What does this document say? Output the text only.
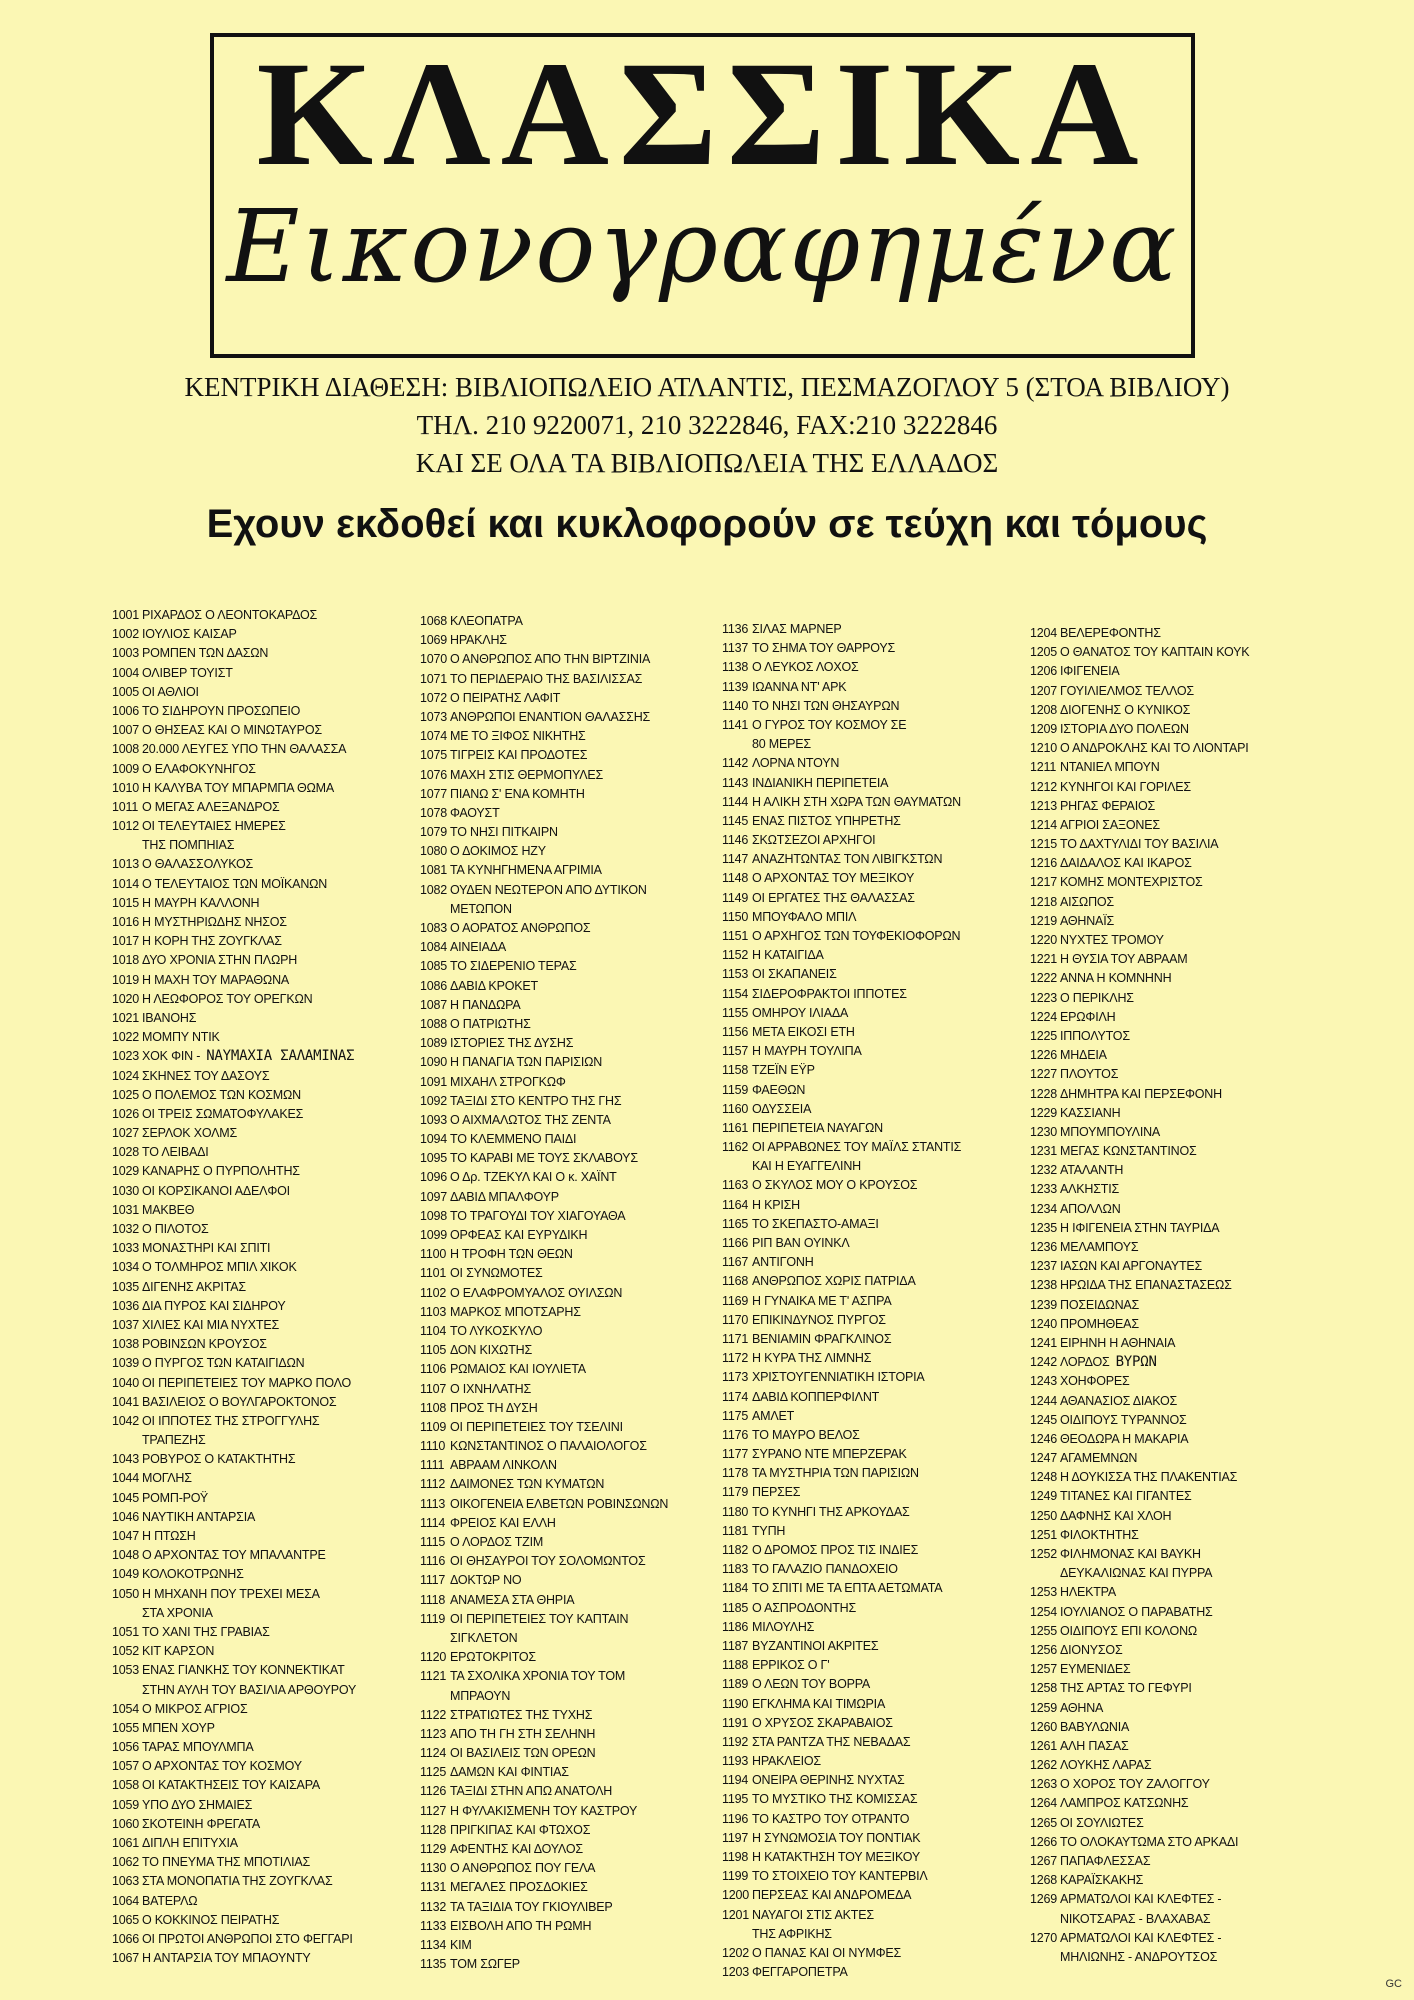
ΚΛΑΣΣΙΚΑ
Εικονογραφημένα
ΚΕΝΤΡΙΚΗ ΔΙΑΘΕΣΗ: ΒΙΒΛΙΟΠΩΛΕΙΟ ΑΤΛΑΝΤΙΣ, ΠΕΣΜΑΖΟΓΛΟΥ 5 (ΣΤΟΑ ΒΙΒΛΙΟΥ)
ΤΗΛ. 210 9220071, 210 3222846, FAX:210 3222846
ΚΑΙ ΣΕ ΟΛΑ ΤΑ ΒΙΒΛΙΟΠΩΛΕΙΑ ΤΗΣ ΕΛΛΑΔΟΣ
Εχουν εκδοθεί και κυκλοφορούν σε τεύχη και τόμους
1001 ΡΙΧΑΡΔΟΣ Ο ΛΕΟΝΤΟΚΑΡΔΟΣ
1002 ΙΟΥΛΙΟΣ ΚΑΙΣΑΡ
1003 ΡΟΜΠΕΝ ΤΩΝ ΔΑΣΩΝ
1004 ΟΛΙΒΕΡ ΤΟΥΙΣΤ
1005 ΟΙ ΑΘΛΙΟΙ
1006 ΤΟ ΣΙΔΗΡΟΥΝ ΠΡΟΣΩΠΕΙΟ
1007 Ο ΘΗΣΕΑΣ ΚΑΙ Ο ΜΙΝΩΤΑΥΡΟΣ
1008 20.000 ΛΕΥΓΕΣ ΥΠΟ ΤΗΝ ΘΑΛΑΣΣΑ
1009 Ο ΕΛΑΦΟΚΥΝΗΓΟΣ
1010 Η ΚΑΛΥΒΑ ΤΟΥ ΜΠΑΡΜΠΑ ΘΩΜΑ
1011 Ο ΜΕΓΑΣ ΑΛΕΞΑΝΔΡΟΣ
1012 ΟΙ ΤΕΛΕΥΤΑΙΕΣ ΗΜΕΡΕΣ
ΤΗΣ ΠΟΜΠΗΙΑΣ
1013 Ο ΘΑΛΑΣΣΟΛΥΚΟΣ
1014 Ο ΤΕΛΕΥΤΑΙΟΣ ΤΩΝ ΜΟΪΚΑΝΩΝ
1015 Η ΜΑΥΡΗ ΚΑΛΛΟΝΗ
1016 Η ΜΥΣΤΗΡΙΩΔΗΣ ΝΗΣΟΣ
1017 Η ΚΟΡΗ ΤΗΣ ΖΟΥΓΚΛΑΣ
1018 ΔΥΟ ΧΡΟΝΙΑ ΣΤΗΝ ΠΛΩΡΗ
1019 Η ΜΑΧΗ ΤΟΥ ΜΑΡΑΘΩΝΑ
1020 Η ΛΕΩΦΟΡΟΣ ΤΟΥ ΟΡΕΓΚΩΝ
1021 ΙΒΑΝΟΗΣ
1022 ΜΟΜΠΥ ΝΤΙΚ
1023 ΧΟΚ ΦΙΝ - ΝΑΥΜΑΧΙΑ ΣΑΛΑΜΙΝΑΣ
1024 ΣΚΗΝΕΣ ΤΟΥ ΔΑΣΟΥΣ
1025 Ο ΠΟΛΕΜΟΣ ΤΩΝ ΚΟΣΜΩΝ
1026 ΟΙ ΤΡΕΙΣ ΣΩΜΑΤΟΦΥΛΑΚΕΣ
1027 ΣΕΡΛΟΚ ΧΟΛΜΣ
1028 ΤΟ ΛΕΙΒΑΔΙ
1029 ΚΑΝΑΡΗΣ Ο ΠΥΡΠΟΛΗΤΗΣ
1030 ΟΙ ΚΟΡΣΙΚΑΝΟΙ ΑΔΕΛΦΟΙ
1031 ΜΑΚΒΕΘ
1032 Ο ΠΙΛΟΤΟΣ
1033 ΜΟΝΑΣΤΗΡΙ ΚΑΙ ΣΠΙΤΙ
1034 Ο ΤΟΛΜΗΡΟΣ ΜΠΙΛ ΧΙΚΟΚ
1035 ΔΙΓΕΝΗΣ ΑΚΡΙΤΑΣ
1036 ΔΙΑ ΠΥΡΟΣ ΚΑΙ ΣΙΔΗΡΟΥ
1037 ΧΙΛΙΕΣ ΚΑΙ ΜΙΑ ΝΥΧΤΕΣ
1038 ΡΟΒΙΝΣΩΝ ΚΡΟΥΣΟΣ
1039 Ο ΠΥΡΓΟΣ ΤΩΝ ΚΑΤΑΙΓΙΔΩΝ
1040 ΟΙ ΠΕΡΙΠΕΤΕΙΕΣ ΤΟΥ ΜΑΡΚΟ ΠΟΛΟ
1041 ΒΑΣΙΛΕΙΟΣ Ο ΒΟΥΛΓΑΡΟΚΤΟΝΟΣ
1042 ΟΙ ΙΠΠΟΤΕΣ ΤΗΣ ΣΤΡΟΓΓΥΛΗΣ
ΤΡΑΠΕΖΗΣ
1043 ΡΟΒΥΡΟΣ Ο ΚΑΤΑΚΤΗΤΗΣ
1044 ΜΟΓΛΗΣ
1045 ΡΟΜΠ-ΡΟΫ
1046 ΝΑΥΤΙΚΗ ΑΝΤΑΡΣΙΑ
1047 Η ΠΤΩΣΗ
1048 Ο ΑΡΧΟΝΤΑΣ ΤΟΥ ΜΠΑΛΑΝΤΡΕ
1049 ΚΟΛΟΚΟΤΡΩΝΗΣ
1050 Η ΜΗΧΑΝΗ ΠΟΥ ΤΡΕΧΕΙ ΜΕΣΑ
ΣΤΑ ΧΡΟΝΙΑ
1051 ΤΟ ΧΑΝΙ ΤΗΣ ΓΡΑΒΙΑΣ
1052 ΚΙΤ ΚΑΡΣΟΝ
1053 ΕΝΑΣ ΓΙΑΝΚΗΣ ΤΟΥ ΚΟΝΝΕΚΤΙΚΑΤ
ΣΤΗΝ ΑΥΛΗ ΤΟΥ ΒΑΣΙΛΙΑ ΑΡΘΟΥΡΟΥ
1054 Ο ΜΙΚΡΟΣ ΑΓΡΙΟΣ
1055 ΜΠΕΝ ΧΟΥΡ
1056 ΤΑΡΑΣ ΜΠΟΥΛΜΠΑ
1057 Ο ΑΡΧΟΝΤΑΣ ΤΟΥ ΚΟΣΜΟΥ
1058 ΟΙ ΚΑΤΑΚΤΗΣΕΙΣ ΤΟΥ ΚΑΙΣΑΡΑ
1059 ΥΠΟ ΔΥΟ ΣΗΜΑΙΕΣ
1060 ΣΚΟΤΕΙΝΗ ΦΡΕΓΑΤΑ
1061 ΔΙΠΛΗ ΕΠΙΤΥΧΙΑ
1062 ΤΟ ΠΝΕΥΜΑ ΤΗΣ ΜΠΟΤΙΛΙΑΣ
1063 ΣΤΑ ΜΟΝΟΠΑΤΙΑ ΤΗΣ ΖΟΥΓΚΛΑΣ
1064 ΒΑΤΕΡΛΩ
1065 Ο ΚΟΚΚΙΝΟΣ ΠΕΙΡΑΤΗΣ
1066 ΟΙ ΠΡΩΤΟΙ ΑΝΘΡΩΠΟΙ ΣΤΟ ΦΕΓΓΑΡΙ
1067 Η ΑΝΤΑΡΣΙΑ ΤΟΥ ΜΠΑΟΥΝΤΥ
1068 ΚΛΕΟΠΑΤΡΑ
1069 ΗΡΑΚΛΗΣ
1070 Ο ΑΝΘΡΩΠΟΣ ΑΠΟ ΤΗΝ ΒΙΡΤΖΙΝΙΑ
1071 ΤΟ ΠΕΡΙΔΕΡΑΙΟ ΤΗΣ ΒΑΣΙΛΙΣΣΑΣ
1072 Ο ΠΕΙΡΑΤΗΣ ΛΑΦΙΤ
1073 ΑΝΘΡΩΠΟΙ ΕΝΑΝΤΙΟΝ ΘΑΛΑΣΣΗΣ
1074 ΜΕ ΤΟ ΞΙΦΟΣ ΝΙΚΗΤΗΣ
1075 ΤΙΓΡΕΙΣ ΚΑΙ ΠΡΟΔΟΤΕΣ
1076 ΜΑΧΗ ΣΤΙΣ ΘΕΡΜΟΠΥΛΕΣ
1077 ΠΙΑΝΩ Σ' ΕΝΑ ΚΟΜΗΤΗ
1078 ΦΑΟΥΣΤ
1079 ΤΟ ΝΗΣΙ ΠΙΤΚΑΙΡΝ
1080 Ο ΔΟΚΙΜΟΣ ΗΖΥ
1081 ΤΑ ΚΥΝΗΓΗΜΕΝΑ ΑΓΡΙΜΙΑ
1082 ΟΥΔΕΝ ΝΕΩΤΕΡΟΝ ΑΠΟ ΔΥΤΙΚΟΝ
ΜΕΤΩΠΟΝ
1083 Ο ΑΟΡΑΤΟΣ ΑΝΘΡΩΠΟΣ
1084 ΑΙΝΕΙΑΔΑ
1085 ΤΟ ΣΙΔΕΡΕΝΙΟ ΤΕΡΑΣ
1086 ΔΑΒΙΔ ΚΡΟΚΕΤ
1087 Η ΠΑΝΔΩΡΑ
1088 Ο ΠΑΤΡΙΩΤΗΣ
1089 ΙΣΤΟΡΙΕΣ ΤΗΣ ΔΥΣΗΣ
1090 Η ΠΑΝΑΓΙΑ ΤΩΝ ΠΑΡΙΣΙΩΝ
1091 ΜΙΧΑΗΛ ΣΤΡΟΓΚΩΦ
1092 ΤΑΞΙΔΙ ΣΤΟ ΚΕΝΤΡΟ ΤΗΣ ΓΗΣ
1093 Ο ΑΙΧΜΑΛΩΤΟΣ ΤΗΣ ΖΕΝΤΑ
1094 ΤΟ ΚΛΕΜΜΕΝΟ ΠΑΙΔΙ
1095 ΤΟ ΚΑΡΑΒΙ ΜΕ ΤΟΥΣ ΣΚΛΑΒΟΥΣ
1096 Ο Δρ. ΤΖΕΚΥΛ ΚΑΙ Ο κ. ΧΑΪΝΤ
1097 ΔΑΒΙΔ ΜΠΑΛΦΟΥΡ
1098 ΤΟ ΤΡΑΓΟΥΔΙ ΤΟΥ ΧΙΑΓΟΥΑΘΑ
1099 ΟΡΦΕΑΣ ΚΑΙ ΕΥΡΥΔΙΚΗ
1100 Η ΤΡΟΦΗ ΤΩΝ ΘΕΩΝ
1101 ΟΙ ΣΥΝΩΜΟΤΕΣ
1102 Ο ΕΛΑΦΡΟΜΥΑΛΟΣ ΟΥΙΛΣΩΝ
1103 ΜΑΡΚΟΣ ΜΠΟΤΣΑΡΗΣ
1104 ΤΟ ΛΥΚΟΣΚΥΛΟ
1105 ΔΟΝ ΚΙΧΩΤΗΣ
1106 ΡΩΜΑΙΟΣ ΚΑΙ ΙΟΥΛΙΕΤΑ
1107 Ο ΙΧΝΗΛΑΤΗΣ
1108 ΠΡΟΣ ΤΗ ΔΥΣΗ
1109 ΟΙ ΠΕΡΙΠΕΤΕΙΕΣ ΤΟΥ ΤΣΕΛΙΝΙ
1110 ΚΩΝΣΤΑΝΤΙΝΟΣ Ο ΠΑΛΑΙΟΛΟΓΟΣ
1111 ΑΒΡΑΑΜ ΛΙΝΚΟΛΝ
1112 ΔΑΙΜΟΝΕΣ ΤΩΝ ΚΥΜΑΤΩΝ
1113 ΟΙΚΟΓΕΝΕΙΑ ΕΛΒΕΤΩΝ ΡΟΒΙΝΣΩΝΩΝ
1114 ΦΡΕΙΟΣ ΚΑΙ ΕΛΛΗ
1115 Ο ΛΟΡΔΟΣ ΤΖΙΜ
1116 ΟΙ ΘΗΣΑΥΡΟΙ ΤΟΥ ΣΟΛΟΜΩΝΤΟΣ
1117 ΔΟΚΤΩΡ ΝΟ
1118 ΑΝΑΜΕΣΑ ΣΤΑ ΘΗΡΙΑ
1119 ΟΙ ΠΕΡΙΠΕΤΕΙΕΣ ΤΟΥ ΚΑΠΤΑΙΝ
ΣΙΓΚΛΕΤΟΝ
1120 ΕΡΩΤΟΚΡΙΤΟΣ
1121 ΤΑ ΣΧΟΛΙΚΑ ΧΡΟΝΙΑ ΤΟΥ ΤΟΜ
ΜΠΡΑΟΥΝ
1122 ΣΤΡΑΤΙΩΤΕΣ ΤΗΣ ΤΥΧΗΣ
1123 ΑΠΟ ΤΗ ΓΗ ΣΤΗ ΣΕΛΗΝΗ
1124 ΟΙ ΒΑΣΙΛΕΙΣ ΤΩΝ ΟΡΕΩΝ
1125 ΔΑΜΩΝ ΚΑΙ ΦΙΝΤΙΑΣ
1126 ΤΑΞΙΔΙ ΣΤΗΝ ΑΠΩ ΑΝΑΤΟΛΗ
1127 Η ΦΥΛΑΚΙΣΜΕΝΗ ΤΟΥ ΚΑΣΤΡΟΥ
1128 ΠΡΙΓΚΙΠΑΣ ΚΑΙ ΦΤΩΧΟΣ
1129 ΑΦΕΝΤΗΣ ΚΑΙ ΔΟΥΛΟΣ
1130 Ο ΑΝΘΡΩΠΟΣ ΠΟΥ ΓΕΛΑ
1131 ΜΕΓΑΛΕΣ ΠΡΟΣΔΟΚΙΕΣ
1132 ΤΑ ΤΑΞΙΔΙΑ ΤΟΥ ΓΚΙΟΥΛΙΒΕΡ
1133 ΕΙΣΒΟΛΗ ΑΠΟ ΤΗ ΡΩΜΗ
1134 ΚΙΜ
1135 ΤΟΜ ΣΩΓΕΡ
1136 ΣΙΛΑΣ ΜΑΡΝΕΡ
1137 ΤΟ ΣΗΜΑ ΤΟΥ ΘΑΡΡΟΥΣ
1138 Ο ΛΕΥΚΟΣ ΛΟΧΟΣ
1139 ΙΩΑΝΝΑ ΝΤ' ΑΡΚ
1140 ΤΟ ΝΗΣΙ ΤΩΝ ΘΗΣΑΥΡΩΝ
1141 Ο ΓΥΡΟΣ ΤΟΥ ΚΟΣΜΟΥ ΣΕ
80 ΜΕΡΕΣ
1142 ΛΟΡΝΑ ΝΤΟΥΝ
1143 ΙΝΔΙΑΝΙΚΗ ΠΕΡΙΠΕΤΕΙΑ
1144 Η ΑΛΙΚΗ ΣΤΗ ΧΩΡΑ ΤΩΝ ΘΑΥΜΑΤΩΝ
1145 ΕΝΑΣ ΠΙΣΤΟΣ ΥΠΗΡΕΤΗΣ
1146 ΣΚΩΤΣΕΖΟΙ ΑΡΧΗΓΟΙ
1147 ΑΝΑΖΗΤΩΝΤΑΣ ΤΟΝ ΛΙΒΙΓΚΣΤΩΝ
1148 Ο ΑΡΧΟΝΤΑΣ ΤΟΥ ΜΕΞΙΚΟΥ
1149 ΟΙ ΕΡΓΑΤΕΣ ΤΗΣ ΘΑΛΑΣΣΑΣ
1150 ΜΠΟΥΦΑΛΟ ΜΠΙΛ
1151 Ο ΑΡΧΗΓΟΣ ΤΩΝ ΤΟΥΦΕΚΙΟΦΟΡΩΝ
1152 Η ΚΑΤΑΙΓΙΔΑ
1153 ΟΙ ΣΚΑΠΑΝΕΙΣ
1154 ΣΙΔΕΡΟΦΡΑΚΤΟΙ ΙΠΠΟΤΕΣ
1155 ΟΜΗΡΟΥ ΙΛΙΑΔΑ
1156 ΜΕΤΑ ΕΙΚΟΣΙ ΕΤΗ
1157 Η ΜΑΥΡΗ ΤΟΥΛΙΠΑ
1158 ΤΖΕΪΝ ΕΫΡ
1159 ΦΑΕΘΩΝ
1160 ΟΔΥΣΣΕΙΑ
1161 ΠΕΡΙΠΕΤΕΙΑ ΝΑΥΑΓΩΝ
1162 ΟΙ ΑΡΡΑΒΩΝΕΣ ΤΟΥ ΜΑΪΛΣ ΣΤΑΝΤΙΣ
ΚΑΙ Η ΕΥΑΓΓΕΛΙΝΗ
1163 Ο ΣΚΥΛΟΣ ΜΟΥ Ο ΚΡΟΥΣΟΣ
1164 Η ΚΡΙΣΗ
1165 ΤΟ ΣΚΕΠΑΣΤΟ-ΑΜΑΞΙ
1166 ΡΙΠ ΒΑΝ ΟΥΙΝΚΛ
1167 ΑΝΤΙΓΟΝΗ
1168 ΑΝΘΡΩΠΟΣ ΧΩΡΙΣ ΠΑΤΡΙΔΑ
1169 Η ΓΥΝΑΙΚΑ ΜΕ Τ' ΑΣΠΡΑ
1170 ΕΠΙΚΙΝΔΥΝΟΣ ΠΥΡΓΟΣ
1171 ΒΕΝΙΑΜΙΝ ΦΡΑΓΚΛΙΝΟΣ
1172 Η ΚΥΡΑ ΤΗΣ ΛΙΜΝΗΣ
1173 ΧΡΙΣΤΟΥΓΕΝΝΙΑΤΙΚΗ ΙΣΤΟΡΙΑ
1174 ΔΑΒΙΔ ΚΟΠΠΕΡΦΙΛΝΤ
1175 ΑΜΛΕΤ
1176 ΤΟ ΜΑΥΡΟ ΒΕΛΟΣ
1177 ΣΥΡΑΝΟ ΝΤΕ ΜΠΕΡΖΕΡΑΚ
1178 ΤΑ ΜΥΣΤΗΡΙΑ ΤΩΝ ΠΑΡΙΣΙΩΝ
1179 ΠΕΡΣΕΣ
1180 ΤΟ ΚΥΝΗΓΙ ΤΗΣ ΑΡΚΟΥΔΑΣ
1181 ΤΥΠΗ
1182 Ο ΔΡΟΜΟΣ ΠΡΟΣ ΤΙΣ ΙΝΔΙΕΣ
1183 ΤΟ ΓΑΛΑΖΙΟ ΠΑΝΔΟΧΕΙΟ
1184 ΤΟ ΣΠΙΤΙ ΜΕ ΤΑ ΕΠΤΑ ΑΕΤΩΜΑΤΑ
1185 Ο ΑΣΠΡΟΔΟΝΤΗΣ
1186 ΜΙΛΟΥΛΗΣ
1187 ΒΥΖΑΝΤΙΝΟΙ ΑΚΡΙΤΕΣ
1188 ΕΡΡΙΚΟΣ Ο Γ'
1189 Ο ΛΕΩΝ ΤΟΥ ΒΟΡΡΑ
1190 ΕΓΚΛΗΜΑ ΚΑΙ ΤΙΜΩΡΙΑ
1191 Ο ΧΡΥΣΟΣ ΣΚΑΡΑΒΑΙΟΣ
1192 ΣΤΑ ΡΑΝΤΖΑ ΤΗΣ ΝΕΒΑΔΑΣ
1193 ΗΡΑΚΛΕΙΟΣ
1194 ΟΝΕΙΡΑ ΘΕΡΙΝΗΣ ΝΥΧΤΑΣ
1195 ΤΟ ΜΥΣΤΙΚΟ ΤΗΣ ΚΟΜΙΣΣΑΣ
1196 ΤΟ ΚΑΣΤΡΟ ΤΟΥ ΟΤΡΑΝΤΟ
1197 Η ΣΥΝΩΜΟΣΙΑ ΤΟΥ ΠΟΝΤΙΑΚ
1198 Η ΚΑΤΑΚΤΗΣΗ ΤΟΥ ΜΕΞΙΚΟΥ
1199 ΤΟ ΣΤΟΙΧΕΙΟ ΤΟΥ ΚΑΝΤΕΡΒΙΛ
1200 ΠΕΡΣΕΑΣ ΚΑΙ ΑΝΔΡΟΜΕΔΑ
1201 ΝΑΥΑΓΟΙ ΣΤΙΣ ΑΚΤΕΣ
ΤΗΣ ΑΦΡΙΚΗΣ
1202 Ο ΠΑΝΑΣ ΚΑΙ ΟΙ ΝΥΜΦΕΣ
1203 ΦΕΓΓΑΡΟΠΕΤΡΑ
1204 ΒΕΛΕΡΕΦΟΝΤΗΣ
1205 Ο ΘΑΝΑΤΟΣ ΤΟΥ ΚΑΠΤΑΙΝ ΚΟΥΚ
1206 ΙΦΙΓΕΝΕΙΑ
1207 ΓΟΥΙΛΙΕΛΜΟΣ ΤΕΛΛΟΣ
1208 ΔΙΟΓΕΝΗΣ Ο ΚΥΝΙΚΟΣ
1209 ΙΣΤΟΡΙΑ ΔΥΟ ΠΟΛΕΩΝ
1210 Ο ΑΝΔΡΟΚΛΗΣ ΚΑΙ ΤΟ ΛΙΟΝΤΑΡΙ
1211 ΝΤΑΝΙΕΛ ΜΠΟΥΝ
1212 ΚΥΝΗΓΟΙ ΚΑΙ ΓΟΡΙΛΕΣ
1213 ΡΗΓΑΣ ΦΕΡΑΙΟΣ
1214 ΑΓΡΙΟΙ ΣΑΞΟΝΕΣ
1215 ΤΟ ΔΑΧΤΥΛΙΔΙ ΤΟΥ ΒΑΣΙΛΙΑ
1216 ΔΑΙΔΑΛΟΣ ΚΑΙ ΙΚΑΡΟΣ
1217 ΚΟΜΗΣ ΜΟΝΤΕΧΡΙΣΤΟΣ
1218 ΑΙΣΩΠΟΣ
1219 ΑΘΗΝΑΪΣ
1220 ΝΥΧΤΕΣ ΤΡΟΜΟΥ
1221 Η ΘΥΣΙΑ ΤΟΥ ΑΒΡΑΑΜ
1222 ΑΝΝΑ Η ΚΟΜΝΗΝΗ
1223 Ο ΠΕΡΙΚΛΗΣ
1224 ΕΡΩΦΙΛΗ
1225 ΙΠΠΟΛΥΤΟΣ
1226 ΜΗΔΕΙΑ
1227 ΠΛΟΥΤΟΣ
1228 ΔΗΜΗΤΡΑ ΚΑΙ ΠΕΡΣΕΦΟΝΗ
1229 ΚΑΣΣΙΑΝΗ
1230 ΜΠΟΥΜΠΟΥΛΙΝΑ
1231 ΜΕΓΑΣ ΚΩΝΣΤΑΝΤΙΝΟΣ
1232 ΑΤΑΛΑΝΤΗ
1233 ΑΛΚΗΣΤΙΣ
1234 ΑΠΟΛΛΩΝ
1235 Η ΙΦΙΓΕΝΕΙΑ ΣΤΗΝ ΤΑΥΡΙΔΑ
1236 ΜΕΛΑΜΠΟΥΣ
1237 ΙΑΣΩΝ ΚΑΙ ΑΡΓΟΝΑΥΤΕΣ
1238 ΗΡΩΙΔΑ ΤΗΣ ΕΠΑΝΑΣΤΑΣΕΩΣ
1239 ΠΟΣΕΙΔΩΝΑΣ
1240 ΠΡΟΜΗΘΕΑΣ
1241 ΕΙΡΗΝΗ Η ΑΘΗΝΑΙΑ
1242 ΛΟΡΔΟΣ ΒΥΡΩΝ
1243 ΧΟΗΦΟΡΕΣ
1244 ΑΘΑΝΑΣΙΟΣ ΔΙΑΚΟΣ
1245 ΟΙΔΙΠΟΥΣ ΤΥΡΑΝΝΟΣ
1246 ΘΕΟΔΩΡΑ Η ΜΑΚΑΡΙΑ
1247 ΑΓΑΜΕΜΝΩΝ
1248 Η ΔΟΥΚΙΣΣΑ ΤΗΣ ΠΛΑΚΕΝΤΙΑΣ
1249 ΤΙΤΑΝΕΣ ΚΑΙ ΓΙΓΑΝΤΕΣ
1250 ΔΑΦΝΗΣ ΚΑΙ ΧΛΟΗ
1251 ΦΙΛΟΚΤΗΤΗΣ
1252 ΦΙΛΗΜΟΝΑΣ ΚΑΙ ΒΑΥΚΗ
ΔΕΥΚΑΛΙΩΝΑΣ ΚΑΙ ΠΥΡΡΑ
1253 ΗΛΕΚΤΡΑ
1254 ΙΟΥΛΙΑΝΟΣ Ο ΠΑΡΑΒΑΤΗΣ
1255 ΟΙΔΙΠΟΥΣ ΕΠΙ ΚΟΛΟΝΩ
1256 ΔΙΟΝΥΣΟΣ
1257 ΕΥΜΕΝΙΔΕΣ
1258 ΤΗΣ ΑΡΤΑΣ ΤΟ ΓΕΦΥΡΙ
1259 ΑΘΗΝΑ
1260 ΒΑΒΥΛΩΝΙΑ
1261 ΑΛΗ ΠΑΣΑΣ
1262 ΛΟΥΚΗΣ ΛΑΡΑΣ
1263 Ο ΧΟΡΟΣ ΤΟΥ ΖΑΛΟΓΓΟΥ
1264 ΛΑΜΠΡΟΣ ΚΑΤΣΩΝΗΣ
1265 ΟΙ ΣΟΥΛΙΩΤΕΣ
1266 ΤΟ ΟΛΟΚΑΥΤΩΜΑ ΣΤΟ ΑΡΚΑΔΙ
1267 ΠΑΠΑΦΛΕΣΣΑΣ
1268 ΚΑΡΑΪΣΚΑΚΗΣ
1269 ΑΡΜΑΤΩΛΟΙ ΚΑΙ ΚΛΕΦΤΕΣ -
ΝΙΚΟΤΣΑΡΑΣ - ΒΛΑΧΑΒΑΣ
1270 ΑΡΜΑΤΩΛΟΙ ΚΑΙ ΚΛΕΦΤΕΣ -
ΜΗΛΙΩΝΗΣ - ΑΝΔΡΟΥΤΣΟΣ
GC
